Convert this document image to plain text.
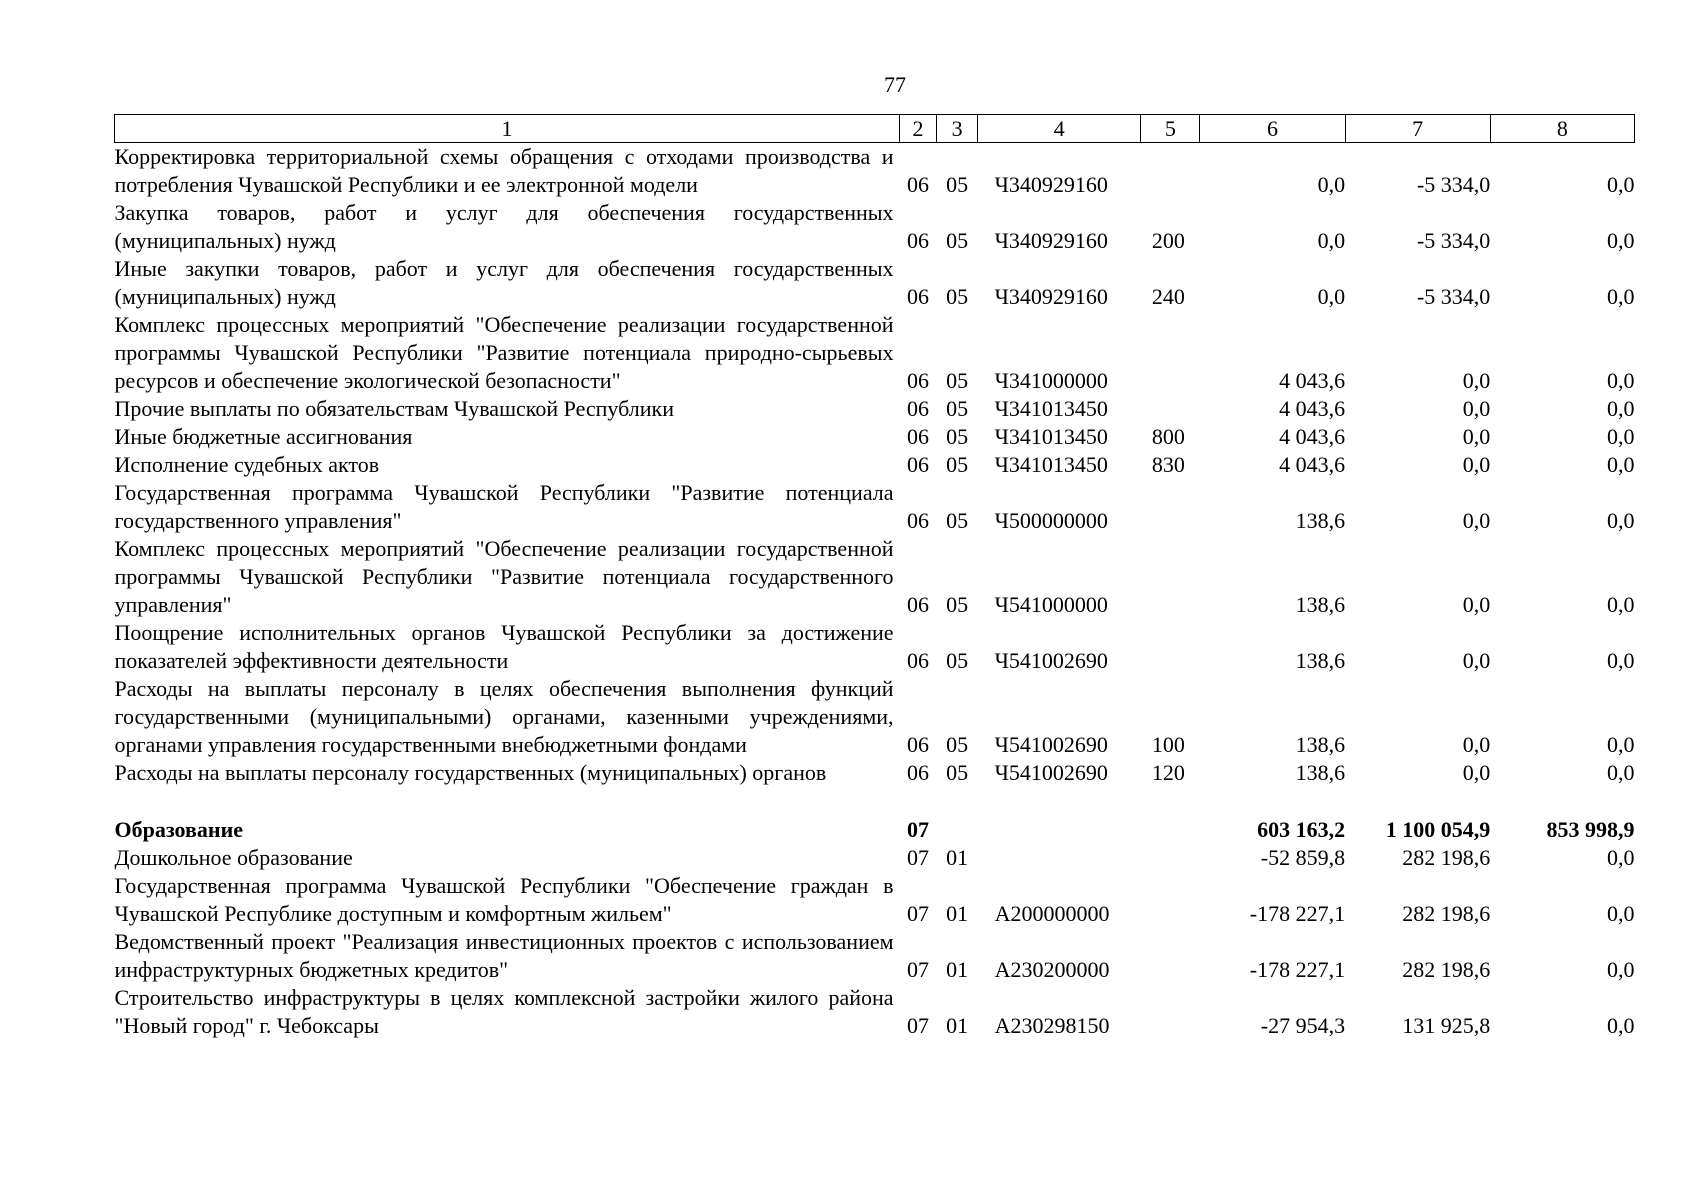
77
1	2	3	4	5	6	7	8
Корректировка территориальной схемы обращения с отходами производства и потребления Чувашской Республики и ее электронной модели	06	05	Ч340929160		0,0	-5 334,0	0,0
Закупка товаров, работ и услуг для обеспечения государственных (муниципальных) нужд	06	05	Ч340929160	200	0,0	-5 334,0	0,0
Иные закупки товаров, работ и услуг для обеспечения государственных (муниципальных) нужд	06	05	Ч340929160	240	0,0	-5 334,0	0,0
Комплекс процессных мероприятий "Обеспечение реализации государственной программы Чувашской Республики "Развитие потенциала природно-сырьевых ресурсов и обеспечение экологической безопасности"	06	05	Ч341000000		4 043,6	0,0	0,0
Прочие выплаты по обязательствам Чувашской Республики	06	05	Ч341013450		4 043,6	0,0	0,0
Иные бюджетные ассигнования	06	05	Ч341013450	800	4 043,6	0,0	0,0
Исполнение судебных актов	06	05	Ч341013450	830	4 043,6	0,0	0,0
Государственная программа Чувашской Республики "Развитие потенциала государственного управления"	06	05	Ч500000000		138,6	0,0	0,0
Комплекс процессных мероприятий "Обеспечение реализации государственной программы Чувашской Республики "Развитие потенциала государственного управления"	06	05	Ч541000000		138,6	0,0	0,0
Поощрение исполнительных органов Чувашской Республики за достижение показателей эффективности деятельности	06	05	Ч541002690		138,6	0,0	0,0
Расходы на выплаты персоналу в целях обеспечения выполнения функций государственными (муниципальными) органами, казенными учреждениями, органами управления государственными внебюджетными фондами	06	05	Ч541002690	100	138,6	0,0	0,0
Расходы на выплаты персоналу государственных (муниципальных) органов	06	05	Ч541002690	120	138,6	0,0	0,0

Образование	07				603 163,2	1 100 054,9	853 998,9
Дошкольное образование	07	01			-52 859,8	282 198,6	0,0
Государственная программа Чувашской Республики "Обеспечение граждан в Чувашской Республике доступным и комфортным жильем"	07	01	А200000000		-178 227,1	282 198,6	0,0
Ведомственный проект "Реализация инвестиционных проектов с использованием инфраструктурных бюджетных кредитов"	07	01	А230200000		-178 227,1	282 198,6	0,0
Строительство инфраструктуры в целях комплексной застройки жилого района "Новый город" г. Чебоксары	07	01	А230298150		-27 954,3	131 925,8	0,0
